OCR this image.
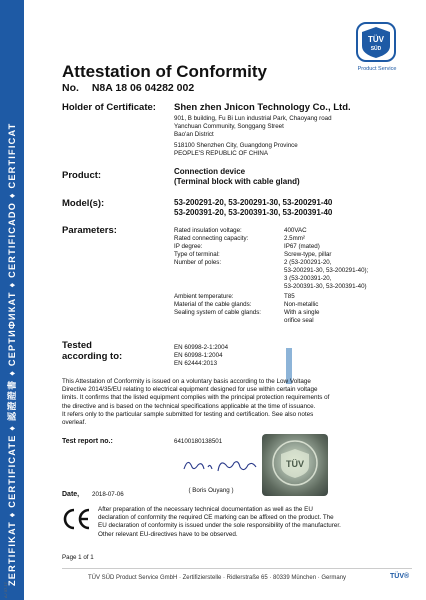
ZERTIFIKAT ♦ CERTIFICATE ♦ 認證證書 ♦ СЕРТИФИКАТ ♦ CERTIFICADO ♦ CERTIFICAT
A / 07.17
TÜV
SÜD
Product Service
Attestation of Conformity
No. N8A 18 06 04282 002
Holder of Certificate: Shen zhen Jnicon Technology Co., Ltd.
901, B building, Fu Bi Lun industrial Park, Chaoyang road
Yanchuan Community, Songgang Street
Bao'an District
518100 Shenzhen City, Guangdong Province
PEOPLE'S REPUBLIC OF CHINA
Product:	Connection device
(Terminal block with cable gland)
Model(s):	53-200291-20, 53-200291-30, 53-200291-40
53-200391-20, 53-200391-30, 53-200391-40
Parameters:	Rated insulation voltage:	400VAC
Rated connecting capacity:	2.5mm²
IP degree:	IP67 (mated)
Type of terminal:	Screw-type, pillar
Number of poles:	2 (53-200291-20,
53-200291-30, 53-200291-40);
3 (53-200391-20,
53-200391-30, 53-200391-40)
Ambient temperature:	T85
Material of the cable glands:	Non-metallic
Sealing system of cable glands:	With a single
orifice seal
Tested
according to:
EN 60998-2-1:2004
EN 60998-1:2004
EN 62444:2013
This Attestation of Conformity is issued on a voluntary basis according to the Low Voltage
Directive 2014/35/EU relating to electrical equipment designed for use within certain voltage
limits. It confirms that the listed equipment complies with the principal protection requirements of
the directive and is based on the technical specifications applicable at the time of issuance.
It refers only to the particular sample submitted for testing and certification. See also notes
overleaf.
Test report no.:	64100180138501
( Boris Ouyang )
TÜV
Date, 2018-07-06
After preparation of the necessary technical documentation as well as the EU
declaration of conformity the required CE marking can be affixed on the product. The
EU declaration of conformity is issued under the sole responsibility of the manufacturer.
Other relevant EU-directives have to be observed.
Page 1 of 1
TÜV SÜD Product Service GmbH · Zertifizierstelle · Ridlerstraße 65 · 80339 München · Germany	TÜV®
